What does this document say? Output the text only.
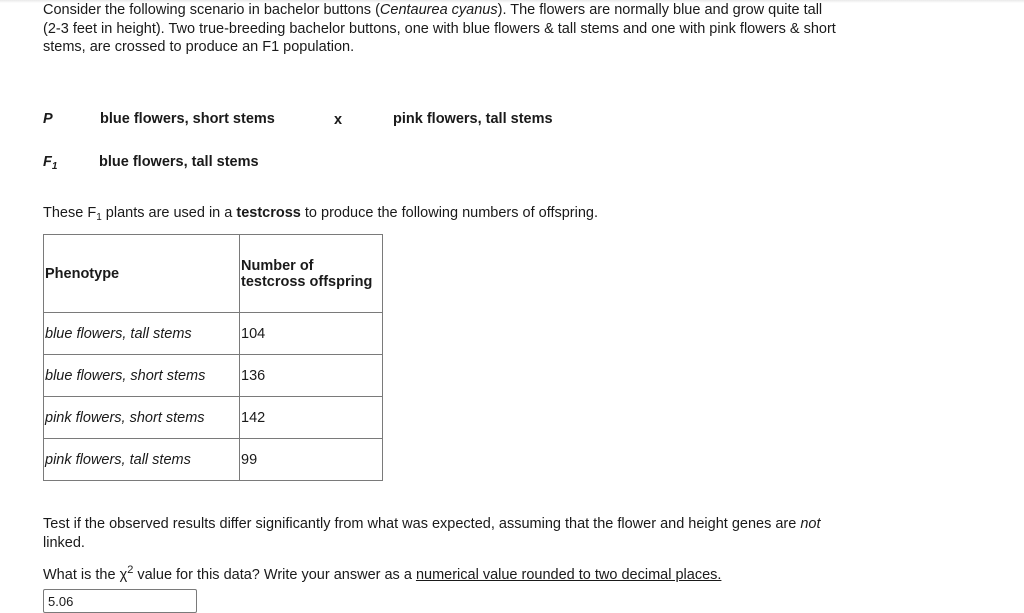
Consider the following scenario in bachelor buttons (Centaurea cyanus). The flowers are normally blue and grow quite tall (2-3 feet in height). Two true-breeding bachelor buttons, one with blue flowers & tall stems and one with pink flowers & short stems, are crossed to produce an F1 population.
P	blue flowers, short stems	x	pink flowers, tall stems
$F_1$	blue flowers, tall stems
These $F_1$ plants are used in a testcross to produce the following numbers of offspring.
Phenotype	Number of
testcross offspring
blue flowers, tall stems	104
blue flowers, short stems	136
pink flowers, short stems	142
pink flowers, tall stems	99
Test if the observed results differ significantly from what was expected, assuming that the flower and height genes are not linked.
What is the $\chi^2$ value for this data? Write your answer as a numerical value rounded to two decimal places.
5.06
